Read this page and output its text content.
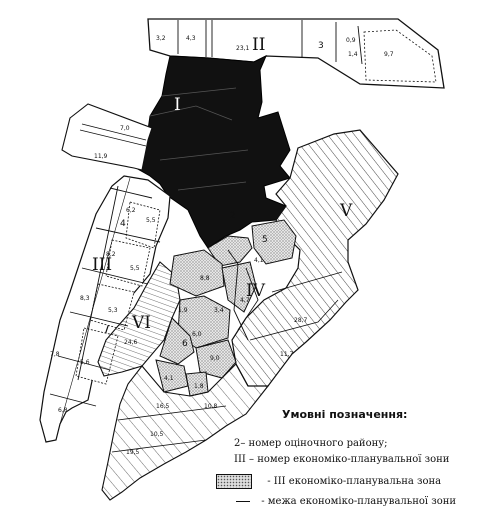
I
II
III
IV
V
VI
3,2	4,3
23,1	3
0,9
1,4	9,7
7,0
11,9
6,2
4	5,5
8,2
5,5
8,3
5,3
7,8
5,6
6,8
2
5
8,8
1,9	3,4
4,1
4,7
6
6,0
9,0
4,1
1,8
24,6
28,7
11,7
16,5	10,8
19,5
10,5
Умовні позначення:
2– номер оціночного району;
III – номер економіко-планувальної зони
- III економіко-планувальна зона
- межа економіко-планувальної зони
